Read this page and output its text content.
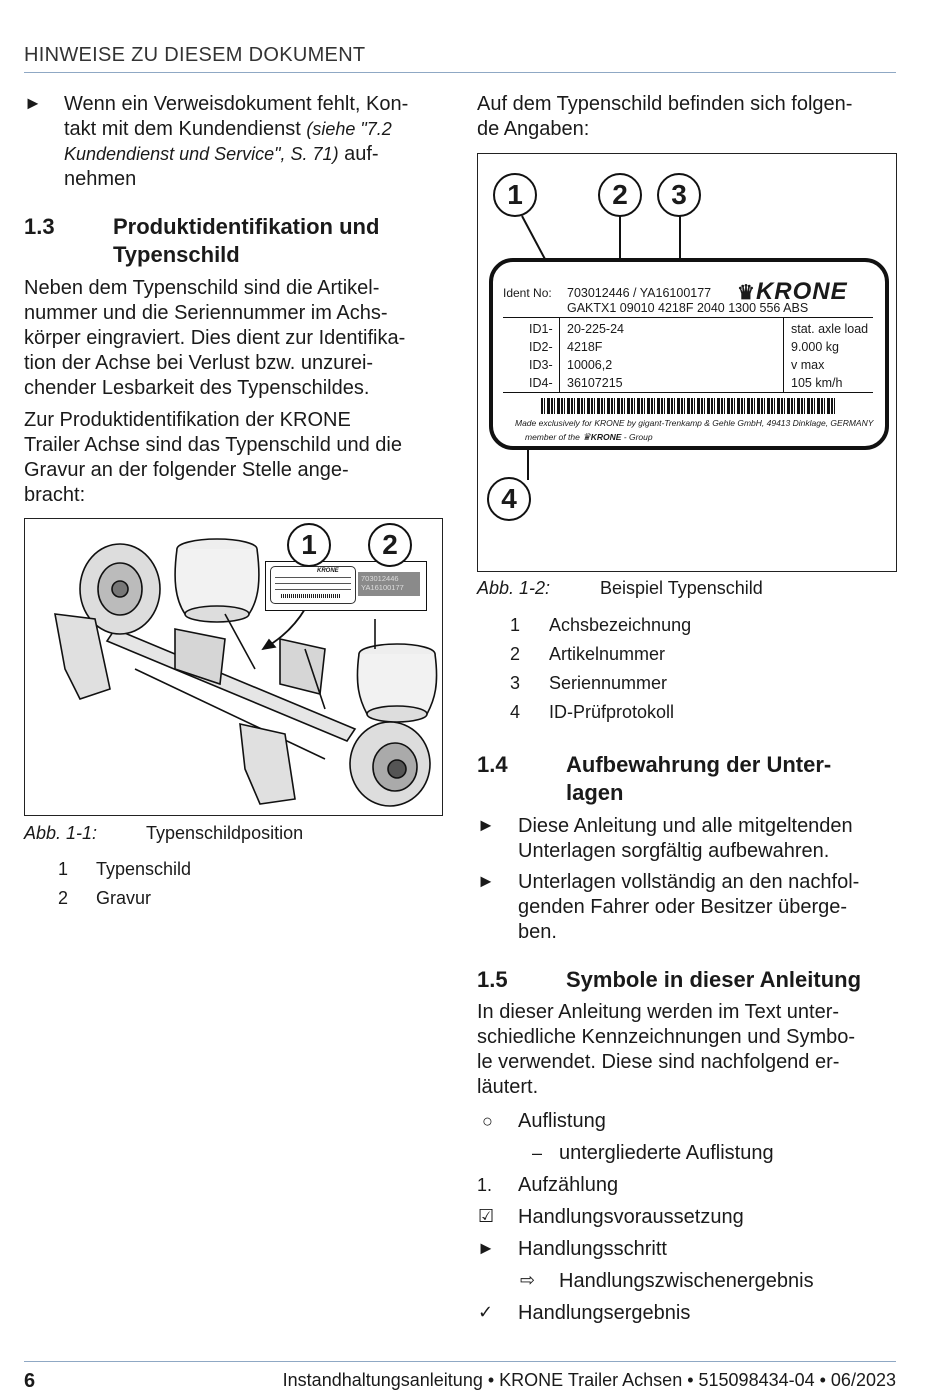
HINWEISE ZU DIESEM DOKUMENT
► Wenn ein Verweisdokument fehlt, Kon-
takt mit dem Kundendienst (siehe "7.2
Kundendienst und Service", S. 71) auf-
nehmen
1.3	Produktidentifikation und
Typenschild
Neben dem Typenschild sind die Artikel-
nummer und die Seriennummer im Achs-
körper eingraviert. Dies dient zur Identifika-
tion der Achse bei Verlust bzw. unzurei-
chender Lesbarkeit des Typenschildes.
Zur Produktidentifikation der KRONE
Trailer Achse sind das Typenschild und die
Gravur an der folgender Stelle ange-
bracht:
KRONE
703012446
YA16100177
1	2
Abb. 1-1:	Typenschildposition
1 Typenschild
2 Gravur
Auf dem Typenschild befinden sich folgen-
de Angaben:
Ident No: 703012446 / YA16100177
GAKTX1 09010 4218F 2040 1300 556 ABS
♛KRONE
ID1- 20-225-24	stat. axle load
ID2- 4218F	9.000 kg
ID3- 10006,2	v max
ID4- 36107215	105 km/h
Made exclusively for KRONE by gigant-Trenkamp & Gehle GmbH, 49413 Dinklage, GERMANY
member of the ♛KRONE - Group
1	2	3
4
Abb. 1-2:	Beispiel Typenschild
1 Achsbezeichnung
2 Artikelnummer
3 Seriennummer
4 ID-Prüfprotokoll
1.4	Aufbewahrung der Unter-
lagen
► Diese Anleitung und alle mitgeltenden
Unterlagen sorgfältig aufbewahren.
► Unterlagen vollständig an den nachfol-
genden Fahrer oder Besitzer überge-
ben.
1.5	Symbole in dieser Anleitung
In dieser Anleitung werden im Text unter-
schiedliche Kennzeichnungen und Symbo-
le verwendet. Diese sind nachfolgend er-
läutert.
○ Auflistung
– untergliederte Auflistung
1. Aufzählung
☑ Handlungsvoraussetzung
► Handlungsschritt
⇨ Handlungszwischenergebnis
✓ Handlungsergebnis
6	Instandhaltungsanleitung • KRONE Trailer Achsen • 515098434-04 • 06/2023
